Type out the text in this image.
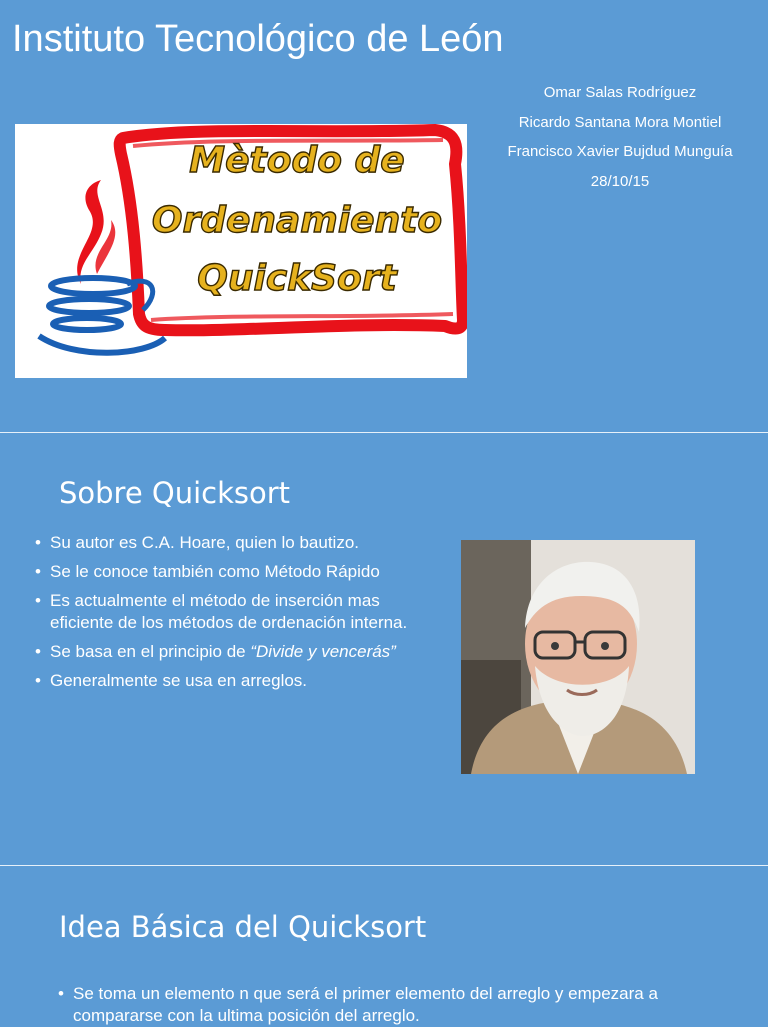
Instituto Tecnológico de León
Omar Salas Rodríguez
Ricardo Santana Mora Montiel
Francisco Xavier Bujdud Munguía
28/10/15
Mètodo de
Ordenamiento
QuickSort
Sobre Quicksort
• Su autor es C.A. Hoare, quien lo bautizo.
• Se le conoce también como Método Rápido
• Es actualmente el método de inserción mas eficiente de los métodos de ordenación interna.
• Se basa en el principio de “Divide y vencerás”
• Generalmente se usa en arreglos.
Idea Básica del Quicksort
• Se toma un elemento n que será el primer elemento del arreglo y empezara a compararse con la ultima posición del arreglo.
